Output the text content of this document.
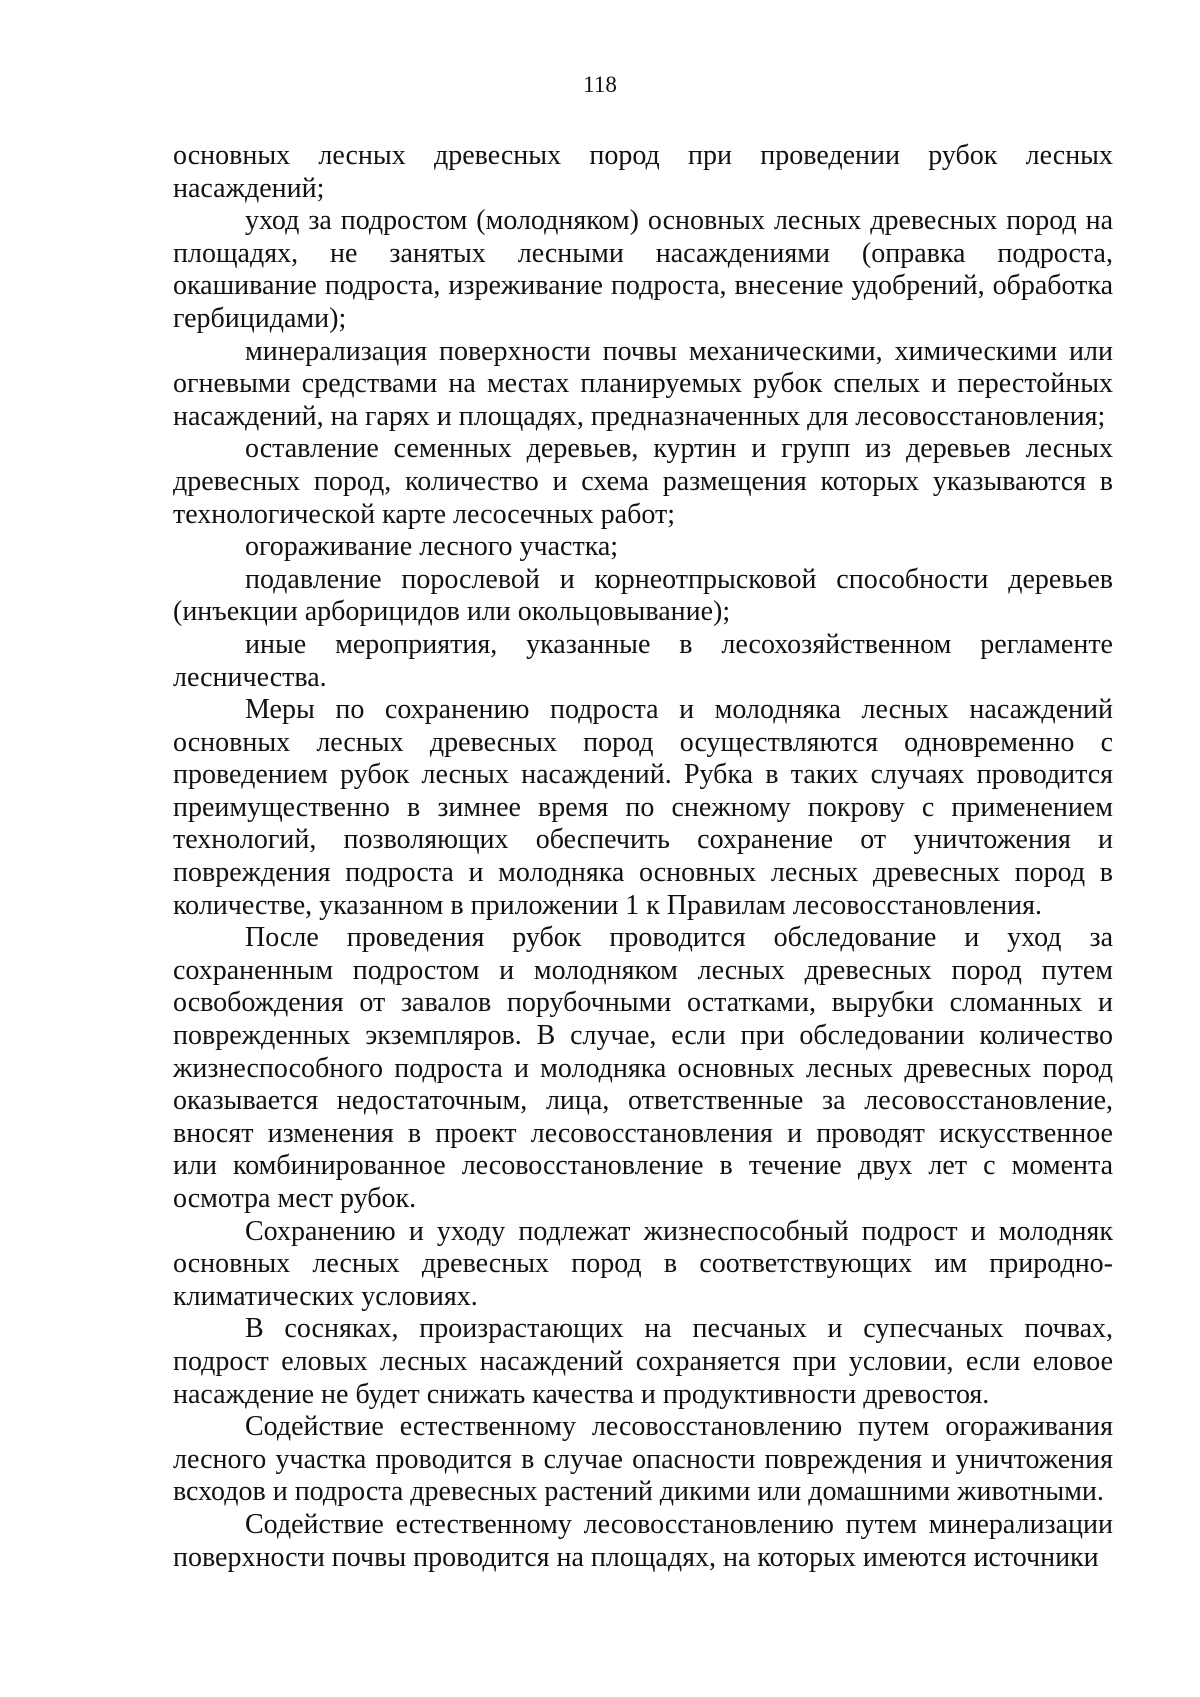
118

основных лесных древесных пород при проведении рубок лесных насаждений;

уход за подростом (молодняком) основных лесных древесных пород на площадях, не занятых лесными насаждениями (оправка подроста, окашивание подроста, изреживание подроста, внесение удобрений, обработка гербицидами);

минерализация поверхности почвы механическими, химическими или огневыми средствами на местах планируемых рубок спелых и перестойных насаждений, на гарях и площадях, предназначенных для лесовосстановления;

оставление семенных деревьев, куртин и групп из деревьев лесных древесных пород, количество и схема размещения которых указываются в технологической карте лесосечных работ;

огораживание лесного участка;

подавление порослевой и корнеотпрысковой способности деревьев (инъекции арборицидов или окольцовывание);

иные мероприятия, указанные в лесохозяйственном регламенте лесничества.

Меры по сохранению подроста и молодняка лесных насаждений основных лесных древесных пород осуществляются одновременно с проведением рубок лесных насаждений. Рубка в таких случаях проводится преимущественно в зимнее время по снежному покрову с применением технологий, позволяющих обеспечить сохранение от уничтожения и повреждения подроста и молодняка основных лесных древесных пород в количестве, указанном в приложении 1 к Правилам лесовосстановления.

После проведения рубок проводится обследование и уход за сохраненным подростом и молодняком лесных древесных пород путем освобождения от завалов порубочными остатками, вырубки сломанных и поврежденных экземпляров. В случае, если при обследовании количество жизнеспособного подроста и молодняка основных лесных древесных пород оказывается недостаточным, лица, ответственные за лесовосстановление, вносят изменения в проект лесовосстановления и проводят искусственное или комбинированное лесовосстановление в течение двух лет с момента осмотра мест рубок.

Сохранению и уходу подлежат жизнеспособный подрост и молодняк основных лесных древесных пород в соответствующих им природно-климатических условиях.

В сосняках, произрастающих на песчаных и супесчаных почвах, подрост еловых лесных насаждений сохраняется при условии, если еловое насаждение не будет снижать качества и продуктивности древостоя.

Содействие естественному лесовосстановлению путем огораживания лесного участка проводится в случае опасности повреждения и уничтожения всходов и подроста древесных растений дикими или домашними животными.

Содействие естественному лесовосстановлению путем минерализации поверхности почвы проводится на площадях, на которых имеются источники
